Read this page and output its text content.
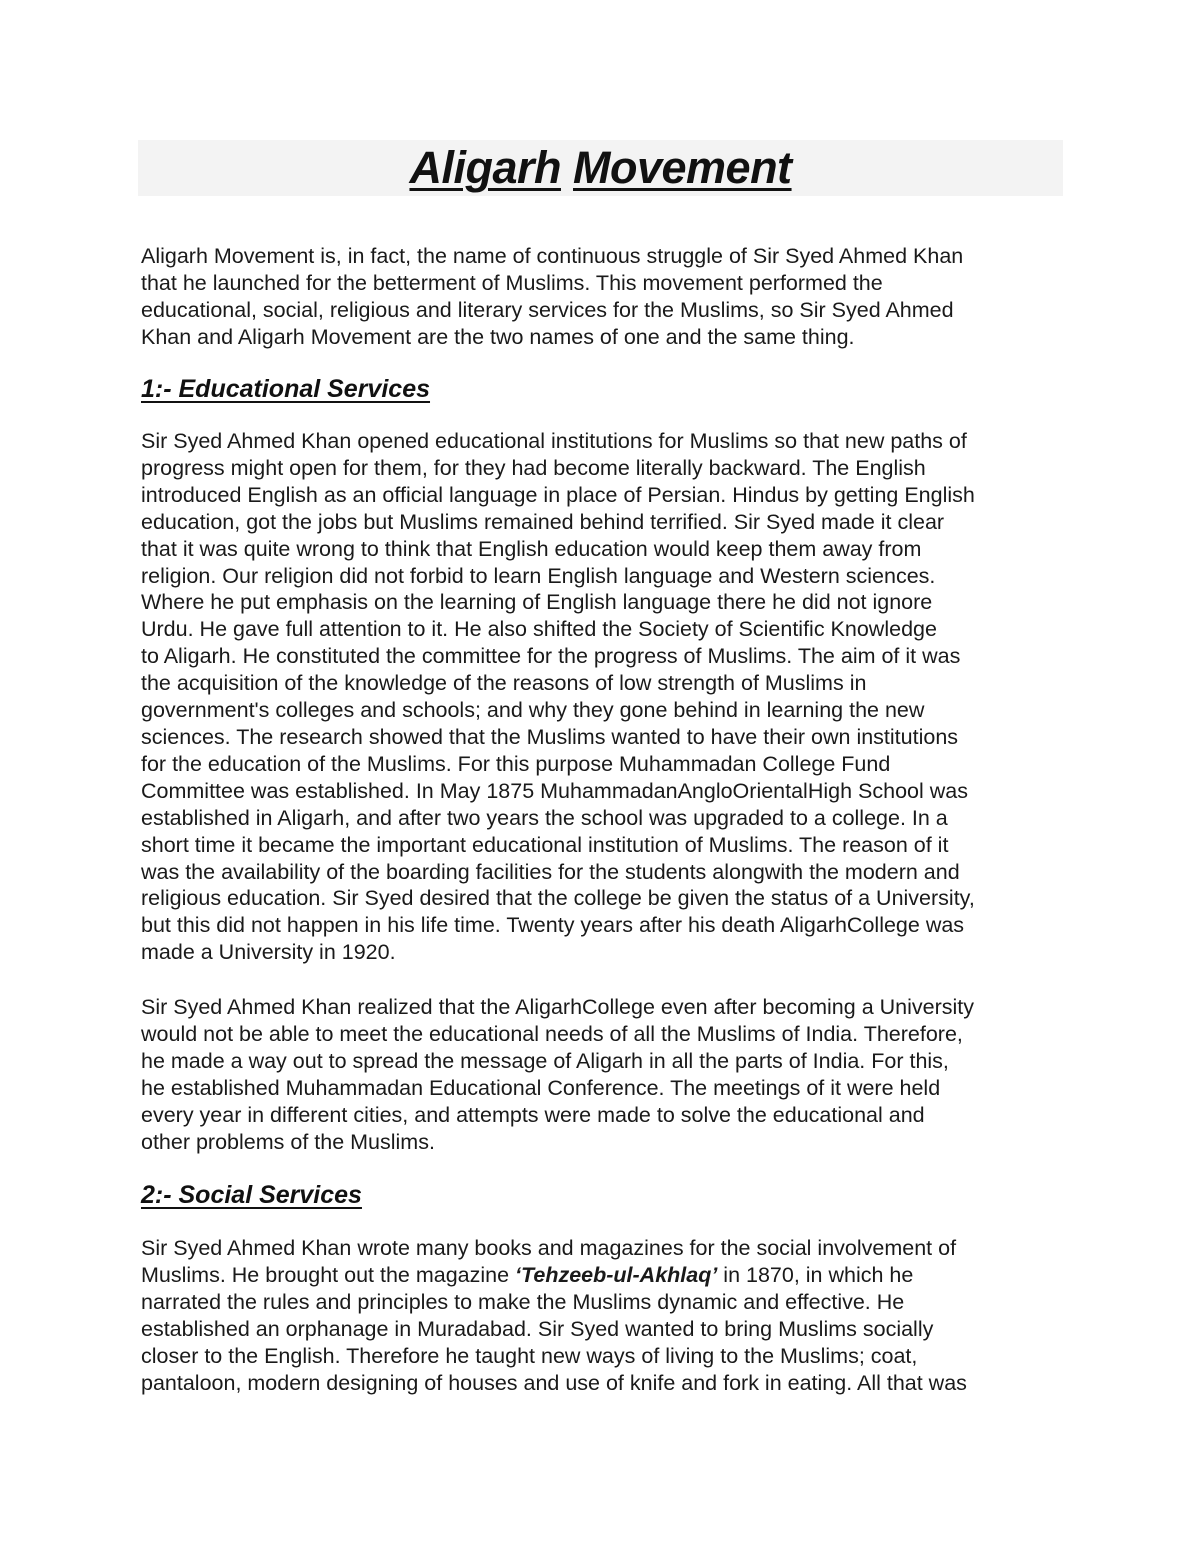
Aligarh Movement

Aligarh Movement is, in fact, the name of continuous struggle of Sir Syed Ahmed Khan
that he launched for the betterment of Muslims. This movement performed the
educational, social, religious and literary services for the Muslims, so Sir Syed Ahmed
Khan and Aligarh Movement are the two names of one and the same thing.

1:- Educational Services

Sir Syed Ahmed Khan opened educational institutions for Muslims so that new paths of
progress might open for them, for they had become literally backward. The English
introduced English as an official language in place of Persian. Hindus by getting English
education, got the jobs but Muslims remained behind terrified. Sir Syed made it clear
that it was quite wrong to think that English education would keep them away from
religion. Our religion did not forbid to learn English language and Western sciences.
Where he put emphasis on the learning of English language there he did not ignore
Urdu. He gave full attention to it. He also shifted the Society of Scientific Knowledge
to Aligarh. He constituted the committee for the progress of Muslims. The aim of it was
the acquisition of the knowledge of the reasons of low strength of Muslims in
government's colleges and schools; and why they gone behind in learning the new
sciences. The research showed that the Muslims wanted to have their own institutions
for the education of the Muslims. For this purpose Muhammadan College Fund
Committee was established. In May 1875 MuhammadanAngloOrientalHigh School was
established in Aligarh, and after two years the school was upgraded to a college. In a
short time it became the important educational institution of Muslims. The reason of it
was the availability of the boarding facilities for the students alongwith the modern and
religious education. Sir Syed desired that the college be given the status of a University,
but this did not happen in his life time. Twenty years after his death AligarhCollege was
made a University in 1920.

Sir Syed Ahmed Khan realized that the AligarhCollege even after becoming a University
would not be able to meet the educational needs of all the Muslims of India. Therefore,
he made a way out to spread the message of Aligarh in all the parts of India. For this,
he established Muhammadan Educational Conference. The meetings of it were held
every year in different cities, and attempts were made to solve the educational and
other problems of the Muslims.

2:- Social Services

Sir Syed Ahmed Khan wrote many books and magazines for the social involvement of
Muslims. He brought out the magazine ‘Tehzeeb-ul-Akhlaq’ in 1870, in which he
narrated the rules and principles to make the Muslims dynamic and effective. He
established an orphanage in Muradabad. Sir Syed wanted to bring Muslims socially
closer to the English. Therefore he taught new ways of living to the Muslims; coat,
pantaloon, modern designing of houses and use of knife and fork in eating. All that was
